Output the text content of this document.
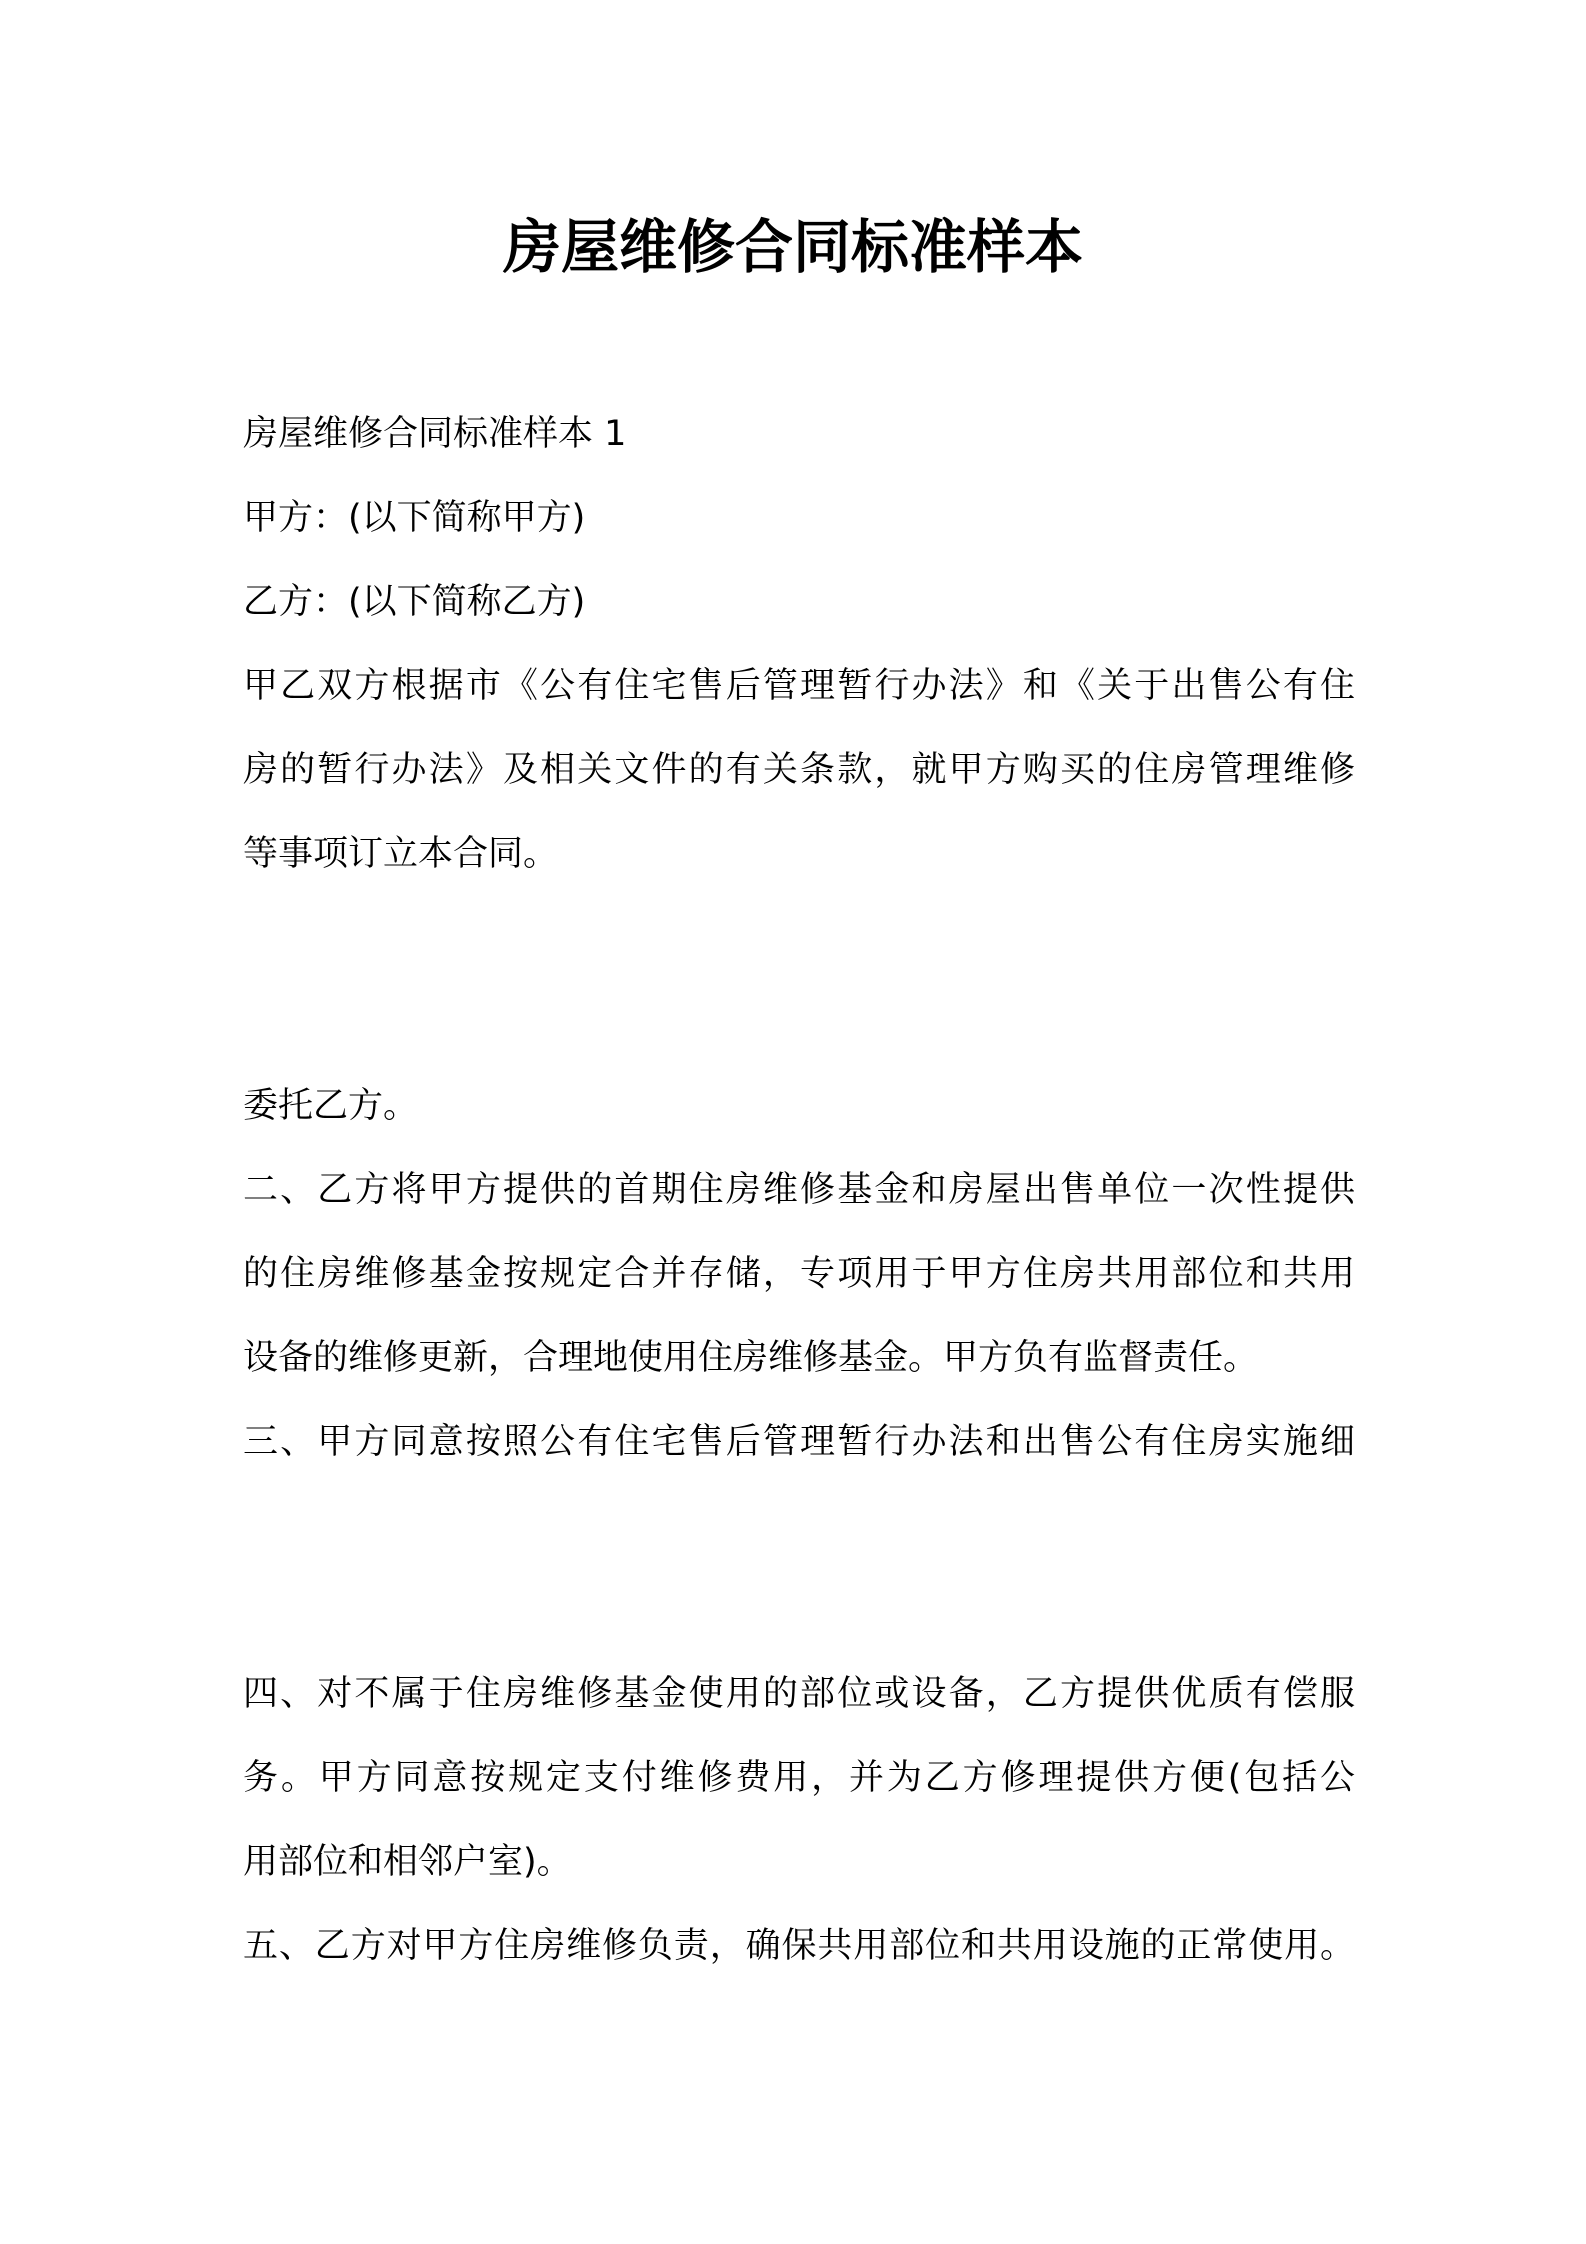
房屋维修合同标准样本
房屋维修合同标准样本 1
甲方：(以下简称甲方)
乙方：(以下简称乙方)
甲乙双方根据市《公有住宅售后管理暂行办法》和《关于出售公有住
房的暂行办法》及相关文件的有关条款，就甲方购买的住房管理维修
等事项订立本合同。
委托乙方。
二、乙方将甲方提供的首期住房维修基金和房屋出售单位一次性提供
的住房维修基金按规定合并存储，专项用于甲方住房共用部位和共用
设备的维修更新，合理地使用住房维修基金。甲方负有监督责任。
三、甲方同意按照公有住宅售后管理暂行办法和出售公有住房实施细
四、对不属于住房维修基金使用的部位或设备，乙方提供优质有偿服
务。甲方同意按规定支付维修费用，并为乙方修理提供方便(包括公
用部位和相邻户室)。
五、乙方对甲方住房维修负责，确保共用部位和共用设施的正常使用。
